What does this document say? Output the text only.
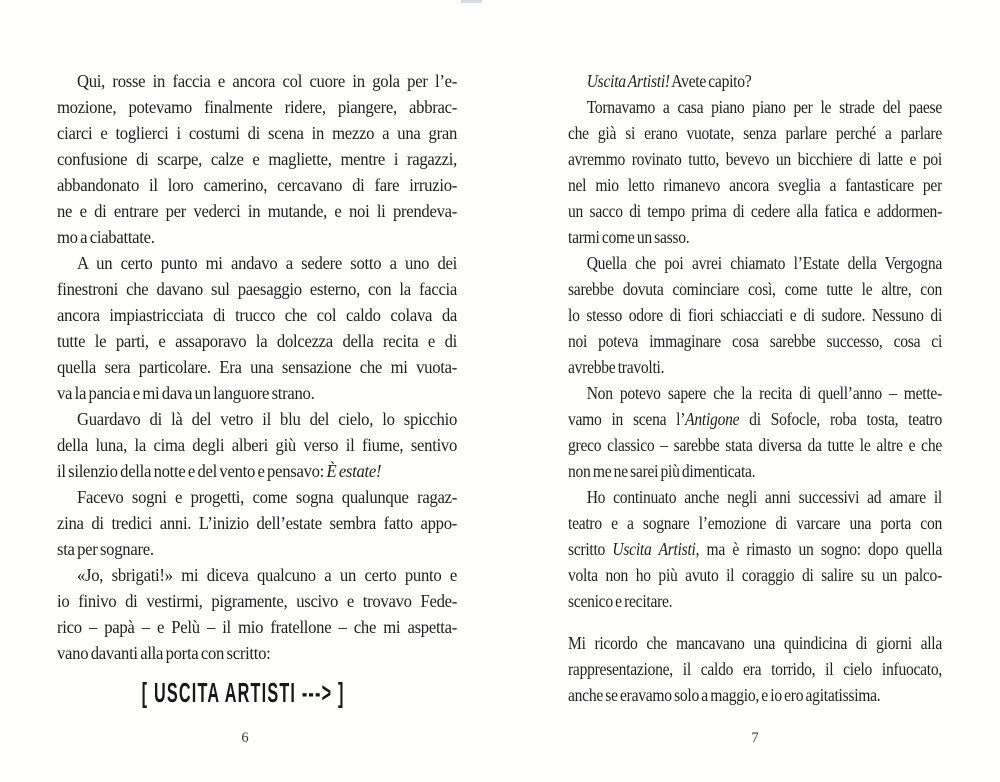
Qui, rosse in faccia e ancora col cuore in gola per l’e-
mozione, potevamo finalmente ridere, piangere, abbrac-
ciarci e toglierci i costumi di scena in mezzo a una gran
confusione di scarpe, calze e magliette, mentre i ragazzi,
abbandonato il loro camerino, cercavano di fare irruzio-
ne e di entrare per vederci in mutande, e noi li prendeva-
mo a ciabattate.
A un certo punto mi andavo a sedere sotto a uno dei
finestroni che davano sul paesaggio esterno, con la faccia
ancora impiastricciata di trucco che col caldo colava da
tutte le parti, e assaporavo la dolcezza della recita e di
quella sera particolare. Era una sensazione che mi vuota-
va la pancia e mi dava un languore strano.
Guardavo di là del vetro il blu del cielo, lo spicchio
della luna, la cima degli alberi giù verso il fiume, sentivo
il silenzio della notte e del vento e pensavo: È estate!
Facevo sogni e progetti, come sogna qualunque ragaz-
zina di tredici anni. L’inizio dell’estate sembra fatto appo-
sta per sognare.
«Jo, sbrigati!» mi diceva qualcuno a un certo punto e
io finivo di vestirmi, pigramente, uscivo e trovavo Fede-
rico – papà – e Pelù – il mio fratellone – che mi aspetta-
vano davanti alla porta con scritto:
[ USCITA ARTISTI ---> ]
Uscita Artisti! Avete capito?
Tornavamo a casa piano piano per le strade del paese
che già si erano vuotate, senza parlare perché a parlare
avremmo rovinato tutto, bevevo un bicchiere di latte e poi
nel mio letto rimanevo ancora sveglia a fantasticare per
un sacco di tempo prima di cedere alla fatica e addormen-
tarmi come un sasso.
Quella che poi avrei chiamato l’Estate della Vergogna
sarebbe dovuta cominciare così, come tutte le altre, con
lo stesso odore di fiori schiacciati e di sudore. Nessuno di
noi poteva immaginare cosa sarebbe successo, cosa ci
avrebbe travolti.
Non potevo sapere che la recita di quell’anno – mette-
vamo in scena l’Antigone di Sofocle, roba tosta, teatro
greco classico – sarebbe stata diversa da tutte le altre e che
non me ne sarei più dimenticata.
Ho continuato anche negli anni successivi ad amare il
teatro e a sognare l’emozione di varcare una porta con
scritto Uscita Artisti, ma è rimasto un sogno: dopo quella
volta non ho più avuto il coraggio di salire su un palco-
scenico e recitare.
Mi ricordo che mancavano una quindicina di giorni alla
rappresentazione, il caldo era torrido, il cielo infuocato,
anche se eravamo solo a maggio, e io ero agitatissima.
6	7
